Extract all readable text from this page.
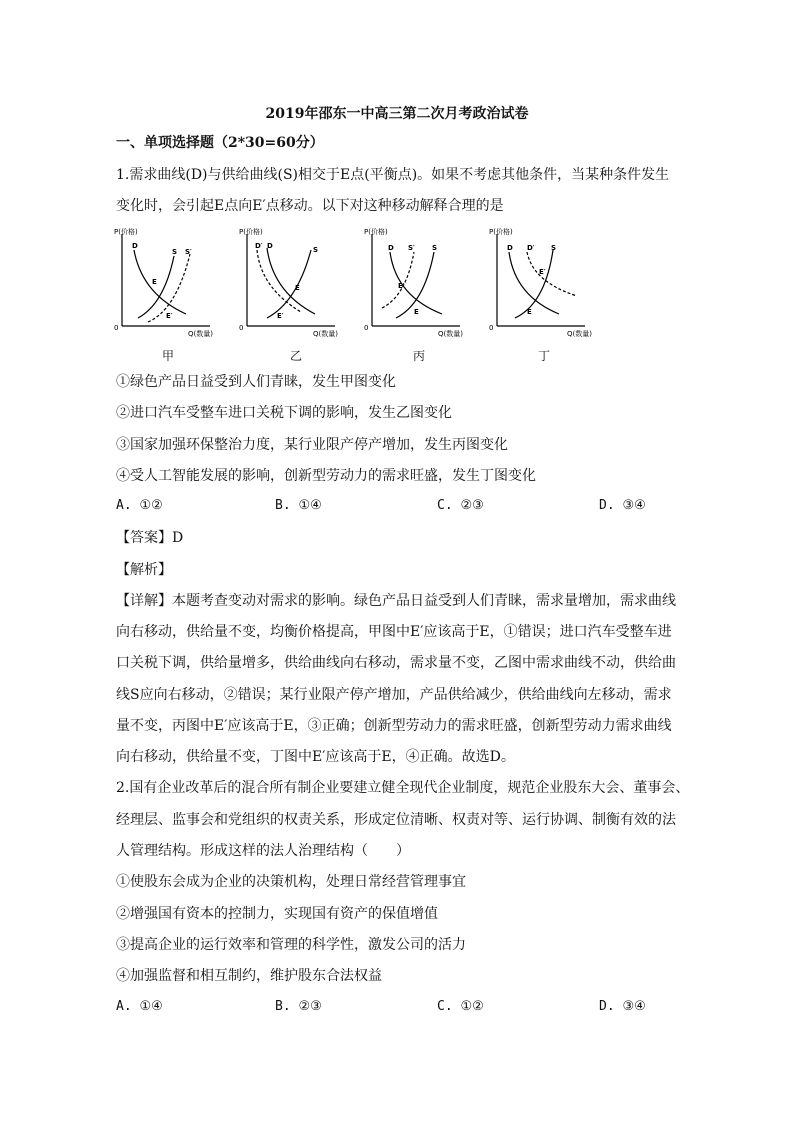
2019年邵东一中高三第二次月考政治试卷
一、单项选择题（2*30=60分）
1.需求曲线(D)与供给曲线(S)相交于E点(平衡点)。如果不考虑其他条件，当某种条件发生
变化时，会引起E点向E′点移动。以下对这种移动解释合理的是
P(价格)
0
Q(数量)
D
S S′
E
E′
P(价格)
0
Q(数量)
D′ D	S
E
E′
P(价格)
0
Q(数量)
D S′ S
E′
E
P(价格)
0
Q(数量)
D D′ S
E′
E
甲	乙	丙	丁
①绿色产品日益受到人们青睐，发生甲图变化
②进口汽车受整车进口关税下调的影响，发生乙图变化
③国家加强环保整治力度，某行业限产停产增加，发生丙图变化
④受人工智能发展的影响，创新型劳动力的需求旺盛，发生丁图变化
A. ①②	B. ①④	C. ②③	D. ③④
【答案】D
【解析】
【详解】本题考查变动对需求的影响。绿色产品日益受到人们青睐，需求量增加，需求曲线
向右移动，供给量不变，均衡价格提高，甲图中E′应该高于E，①错误；进口汽车受整车进
口关税下调，供给量增多，供给曲线向右移动，需求量不变，乙图中需求曲线不动，供给曲
线S应向右移动，②错误；某行业限产停产增加，产品供给减少，供给曲线向左移动，需求
量不变，丙图中E′应该高于E，③正确；创新型劳动力的需求旺盛，创新型劳动力需求曲线
向右移动，供给量不变，丁图中E′应该高于E，④正确。故选D。
2.国有企业改革后的混合所有制企业要建立健全现代企业制度，规范企业股东大会、董事会、
经理层、监事会和党组织的权责关系，形成定位清晰、权责对等、运行协调、制衡有效的法
人管理结构。形成这样的法人治理结构（　　）
①使股东会成为企业的决策机构，处理日常经营管理事宜
②增强国有资本的控制力，实现国有资产的保值增值
③提高企业的运行效率和管理的科学性，激发公司的活力
④加强监督和相互制约，维护股东合法权益
A. ①④	B. ②③	C. ①②	D. ③④
